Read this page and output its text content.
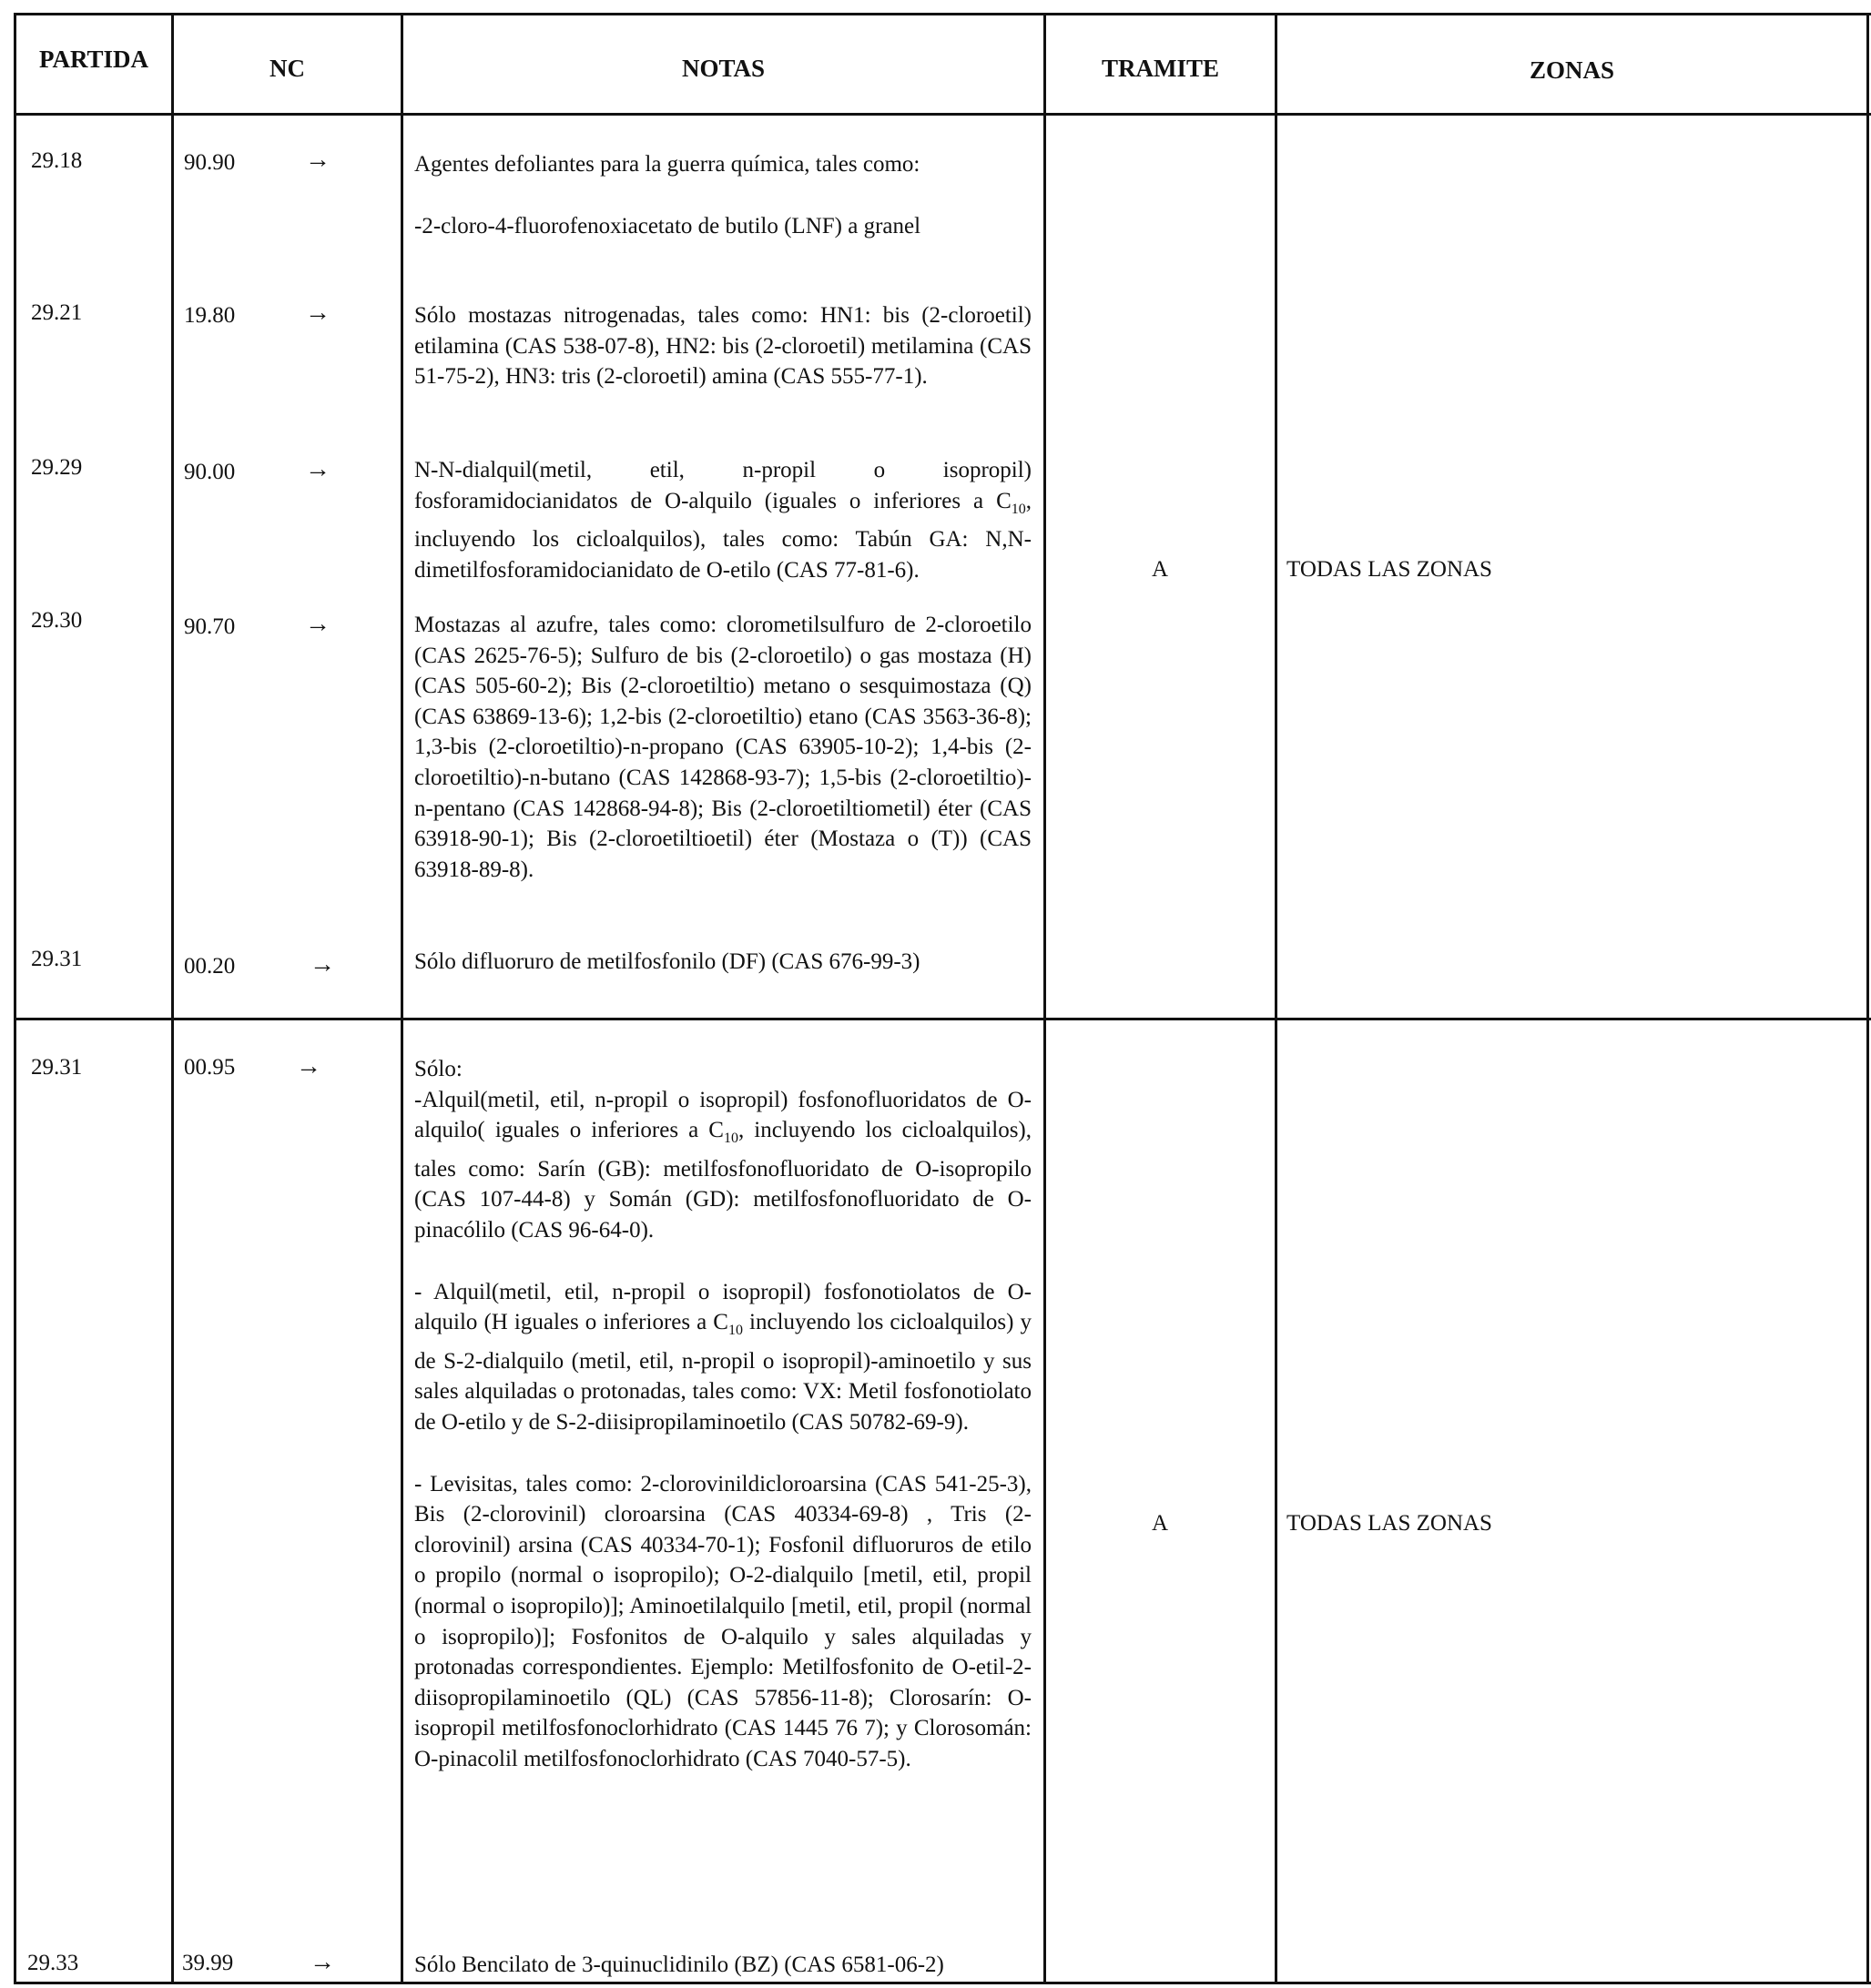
PARTIDA	NC	NOTAS	TRAMITE	ZONAS
29.18	90.90	→	Agentes defoliantes para la guerra química, tales como:

-2-cloro-4-fluorofenoxiacetato de butilo (LNF) a granel

29.21	19.80	→	Sólo mostazas nitrogenadas, tales como: HN1: bis (2-cloroetil) etilamina (CAS 538-07-8), HN2: bis (2-cloroetil) metilamina (CAS 51-75-2), HN3: tris (2-cloroetil) amina (CAS 555-77-1).

29.29	90.00	→	N-N-dialquil(metil, etil, n-propil o isopropil) fosforamidocianidatos de O-alquilo (iguales o inferiores a $C_{10}$, incluyendo los cicloalquilos), tales como: Tabún GA: N,N-dimetilfosforamidocianidato de O-etilo (CAS 77-81-6).

29.30	90.70	→	Mostazas al azufre, tales como: clorometilsulfuro de 2-cloroetilo (CAS 2625-76-5); Sulfuro de bis (2-cloroetilo) o gas mostaza (H) (CAS 505-60-2); Bis (2-cloroetiltio) metano o sesquimostaza (Q) (CAS 63869-13-6); 1,2-bis (2-cloroetiltio) etano (CAS 3563-36-8); 1,3-bis (2-cloroetiltio)-n-propano (CAS 63905-10-2); 1,4-bis (2-cloroetiltio)-n-butano (CAS 142868-93-7); 1,5-bis (2-cloroetiltio)-n-pentano (CAS 142868-94-8); Bis (2-cloroetiltiometil) éter (CAS 63918-90-1); Bis (2-cloroetiltioetil) éter (Mostaza o (T)) (CAS 63918-89-8).

29.31	00.20	→	Sólo difluoruro de metilfosfonilo (DF) (CAS 676-99-3)

A	TODAS LAS ZONAS
29.31	00.95 →	Sólo:

-Alquil(metil, etil, n-propil o isopropil) fosfonofluoridatos de O-alquilo( iguales o inferiores a $C_{10}$, incluyendo los cicloalquilos), tales como: Sarín (GB): metilfosfonofluoridato de O-isopropilo (CAS 107-44-8) y Somán (GD): metilfosfonofluoridato de O-pinacólilo (CAS 96-64-0).

- Alquil(metil, etil, n-propil o isopropil) fosfonotiolatos de O-alquilo (H iguales o inferiores a $C_{10}$ incluyendo los cicloalquilos) y de S-2-dialquilo (metil, etil, n-propil o isopropil)-aminoetilo y sus sales alquiladas o protonadas, tales como: VX: Metil fosfonotiolato de O-etilo y de S-2-diisipropilaminoetilo (CAS 50782-69-9).

- Levisitas, tales como: 2-clorovinildicloroarsina (CAS 541-25-3), Bis (2-clorovinil) cloroarsina (CAS 40334-69-8) , Tris (2-clorovinil) arsina (CAS 40334-70-1); Fosfonil difluoruros de etilo o propilo (normal o isopropilo); O-2-dialquilo [metil, etil, propil (normal o isopropilo)]; Aminoetilalquilo [metil, etil, propil (normal o isopropilo)]; Fosfonitos de O-alquilo y sales alquiladas y protonadas correspondientes. Ejemplo: Metilfosfonito de O-etil-2-diisopropilaminoetilo (QL) (CAS 57856-11-8); Clorosarín: O-isopropil metilfosfonoclorhidrato (CAS 1445 76 7); y Clorosomán: O-pinacolil metilfosfonoclorhidrato (CAS 7040-57-5).

29.33	39.99	→	Sólo Bencilato de 3-quinuclidinilo (BZ) (CAS 6581-06-2)

A	TODAS LAS ZONAS
